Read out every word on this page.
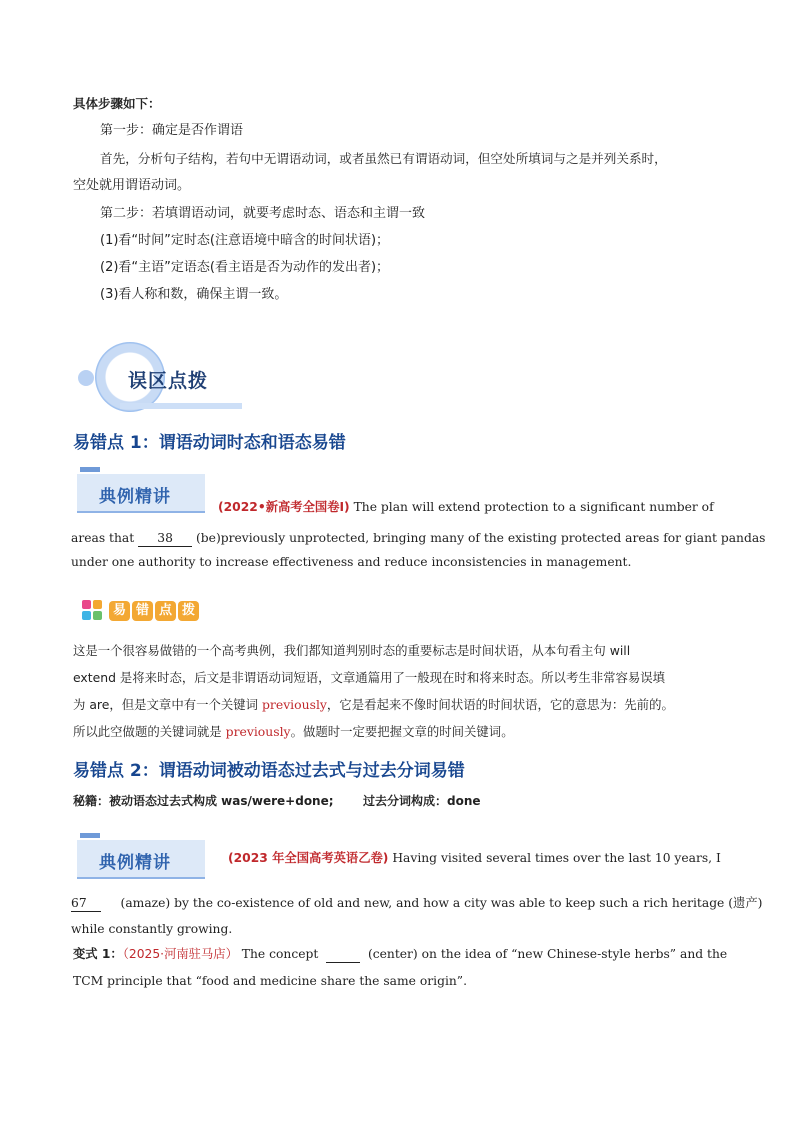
具体步骤如下：
第一步：确定是否作谓语
首先，分析句子结构，若句中无谓语动词，或者虽然已有谓语动词，但空处所填词与之是并列关系时，
空处就用谓语动词。
第二步：若填谓语动词，就要考虑时态、语态和主谓一致
(1)看“时间”定时态(注意语境中暗含的时间状语)；
(2)看“主语”定语态(看主语是否为动作的发出者)；
(3)看人称和数，确保主谓一致。
误区点拨
易错点 1：谓语动词时态和语态易错
典例精讲	(2022•新高考全国卷Ⅰ) The plan will extend protection to a significant number of
areas that 38 (be)previously unprotected, bringing many of the existing protected areas for giant pandas
under one authority to increase effectiveness and reduce inconsistencies in management.
易 错 点 拨
这是一个很容易做错的一个高考典例，我们都知道判别时态的重要标志是时间状语，从本句看主句 will
extend 是将来时态，后文是非谓语动词短语，文章通篇用了一般现在时和将来时态。所以考生非常容易误填
为 are，但是文章中有一个关键词 previously，它是看起来不像时间状语的时间状语，它的意思为：先前的。
所以此空做题的关键词就是 previously。做题时一定要把握文章的时间关键词。
易错点 2：谓语动词被动语态过去式与过去分词易错
秘籍：被动语态过去式构成 was/were+done; 过去分词构成：done
典例精讲	(2023 年全国高考英语乙卷) Having visited several times over the last 10 years, I
67	(amaze) by the co-existence of old and new, and how a city was able to keep such a rich heritage (遗产)
while constantly growing.
变式 1：（2025·河南驻马店） The concept	(center) on the idea of “new Chinese-style herbs” and the
TCM principle that “food and medicine share the same origin”.
